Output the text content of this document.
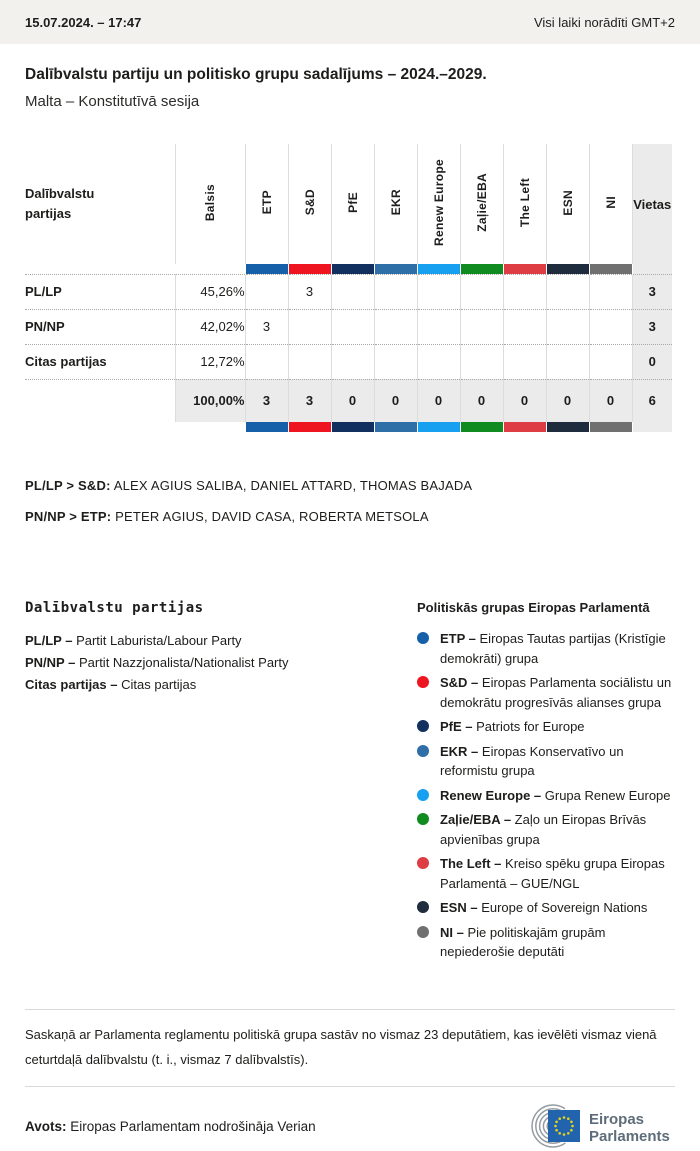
15.07.2024. – 17:47	Visi laiki norādīti GMT+2
Dalībvalstu partiju un politisko grupu sadalījums – 2024.–2029.
Malta – Konstitutīvā sesija
Dalībvalstu partijas	Balsis	ETP	S&D	PfE	EKR	Renew Europe	Zaļie/EBA	The Left	ESN	NI	Vietas

PL/LP	45,26%		3								3
PN/NP	42,02%	3									3
Citas partijas	12,72%										0
	100,00%	3	3	0	0	0	0	0	0	0	6

PL/LP > S&D: ALEX AGIUS SALIBA, DANIEL ATTARD, THOMAS BAJADA

PN/NP > ETP: PETER AGIUS, DAVID CASA, ROBERTA METSOLA

Dalībvalstu partijas
PL/LP – Partit Laburista/Labour Party
PN/NP – Partit Nazzjonalista/Nationalist Party
Citas partijas – Citas partijas
Politiskās grupas Eiropas Parlamentā
ETP – Eiropas Tautas partijas (Kristīgie demokrāti) grupa
S&D – Eiropas Parlamenta sociālistu un demokrātu progresīvās alianses grupa
PfE – Patriots for Europe
EKR – Eiropas Konservatīvo un reformistu grupa
Renew Europe – Grupa Renew Europe
Zaļie/EBA – Zaļo un Eiropas Brīvās apvienības grupa
The Left – Kreiso spēku grupa Eiropas Parlamentā – GUE/NGL
ESN – Europe of Sovereign Nations
NI – Pie politiskajām grupām nepiederošie deputāti
Saskaņā ar Parlamenta reglamentu politiskā grupa sastāv no vismaz 23 deputātiem, kas ievēlēti vismaz vienā ceturtdaļā dalībvalstu (t. i., vismaz 7 dalībvalstīs).

Avots: Eiropas Parlamentam nodrošināja Verian	Eiropas
Parlaments
